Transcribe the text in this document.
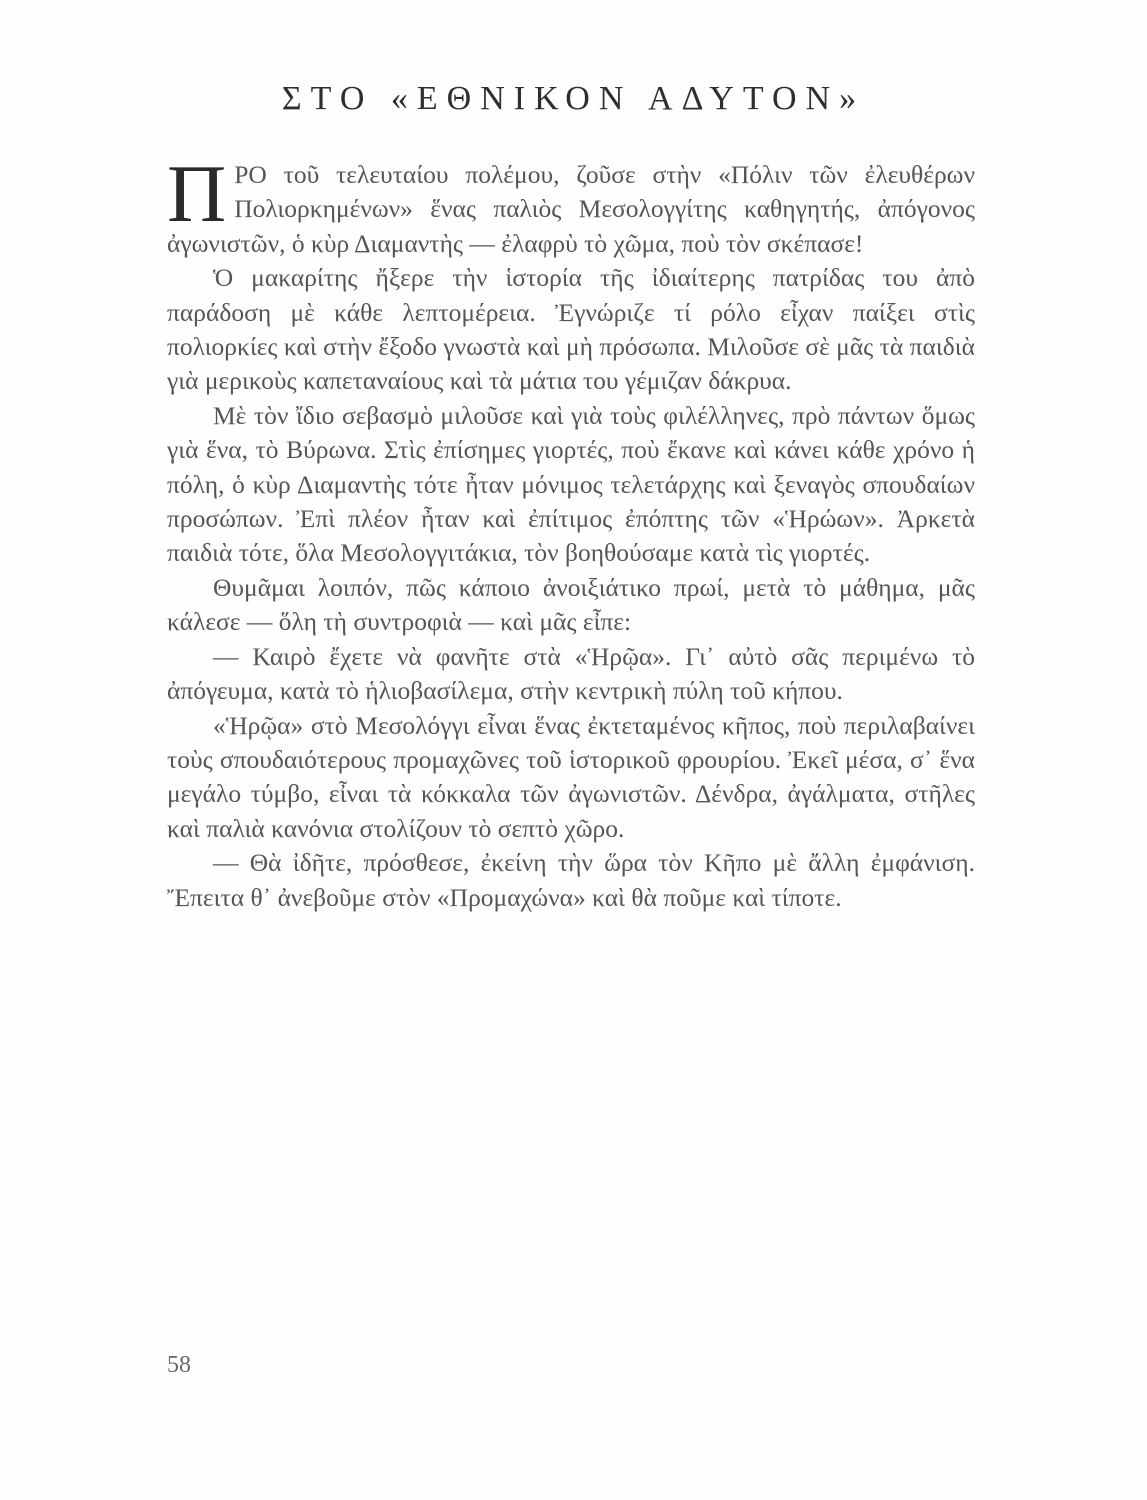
ΣΤΟ «ΕΘΝΙΚΟΝ ΑΔΥΤΟΝ»

ΠΡΟ τοῦ τελευταίου πολέμου, ζοῦσε στὴν «Πόλιν τῶν ἐλευθέρων Πολιορκημένων» ἕνας παλιὸς Μεσολογγίτης καθηγητής, ἀπόγονος ἀγωνιστῶν, ὁ κὺρ Διαμαντὴς — ἐλαφρὺ τὸ χῶμα, ποὺ τὸν σκέπασε!

Ὁ μακαρίτης ἤξερε τὴν ἱστορία τῆς ἰδιαίτερης πατρίδας του ἀπὸ παράδοση μὲ κάθε λεπτομέρεια. Ἐγνώριζε τί ρόλο εἶχαν παίξει στὶς πολιορκίες καὶ στὴν ἔξοδο γνωστὰ καὶ μὴ πρόσωπα. Μιλοῦσε σὲ μᾶς τὰ παιδιὰ γιὰ μερικοὺς καπεταναίους καὶ τὰ μάτια του γέμιζαν δάκρυα.

Μὲ τὸν ἴδιο σεβασμὸ μιλοῦσε καὶ γιὰ τοὺς φιλέλληνες, πρὸ πάντων ὅμως γιὰ ἕνα, τὸ Βύρωνα. Στὶς ἐπίσημες γιορτές, ποὺ ἔκανε καὶ κάνει κάθε χρόνο ἡ πόλη, ὁ κὺρ Διαμαντὴς τότε ἦταν μόνιμος τελετάρχης καὶ ξεναγὸς σπουδαίων προσώπων. Ἐπὶ πλέον ἦταν καὶ ἐπίτιμος ἐπόπτης τῶν «Ἡρώων». Ἀρκετὰ παιδιὰ τότε, ὅλα Μεσολογγιτάκια, τὸν βοηθούσαμε κατὰ τὶς γιορτές.

Θυμᾶμαι λοιπόν, πῶς κάποιο ἀνοιξιάτικο πρωί, μετὰ τὸ μάθημα, μᾶς κάλεσε — ὅλη τὴ συντροφιὰ — καὶ μᾶς εἶπε:

— Καιρὸ ἔχετε νὰ φανῆτε στὰ «Ἡρῷα». Γι᾿ αὐτὸ σᾶς περιμένω τὸ ἀπόγευμα, κατὰ τὸ ἡλιοβασίλεμα, στὴν κεντρικὴ πύλη τοῦ κήπου.

«Ἡρῷα» στὸ Μεσολόγγι εἶναι ἕνας ἐκτεταμένος κῆπος, ποὺ περιλαβαίνει τοὺς σπουδαιότερους προμαχῶνες τοῦ ἱστορικοῦ φρουρίου. Ἐκεῖ μέσα, σ᾿ ἕνα μεγάλο τύμβο, εἶναι τὰ κόκκαλα τῶν ἀγωνιστῶν. Δένδρα, ἀγάλματα, στῆλες καὶ παλιὰ κανόνια στολίζουν τὸ σεπτὸ χῶρο.

— Θὰ ἰδῆτε, πρόσθεσε, ἐκείνη τὴν ὥρα τὸν Κῆπο μὲ ἄλλη ἐμφάνιση. Ἔπειτα θ᾿ ἀνεβοῦμε στὸν «Προμαχώνα» καὶ θὰ ποῦμε καὶ τίποτε.

58
